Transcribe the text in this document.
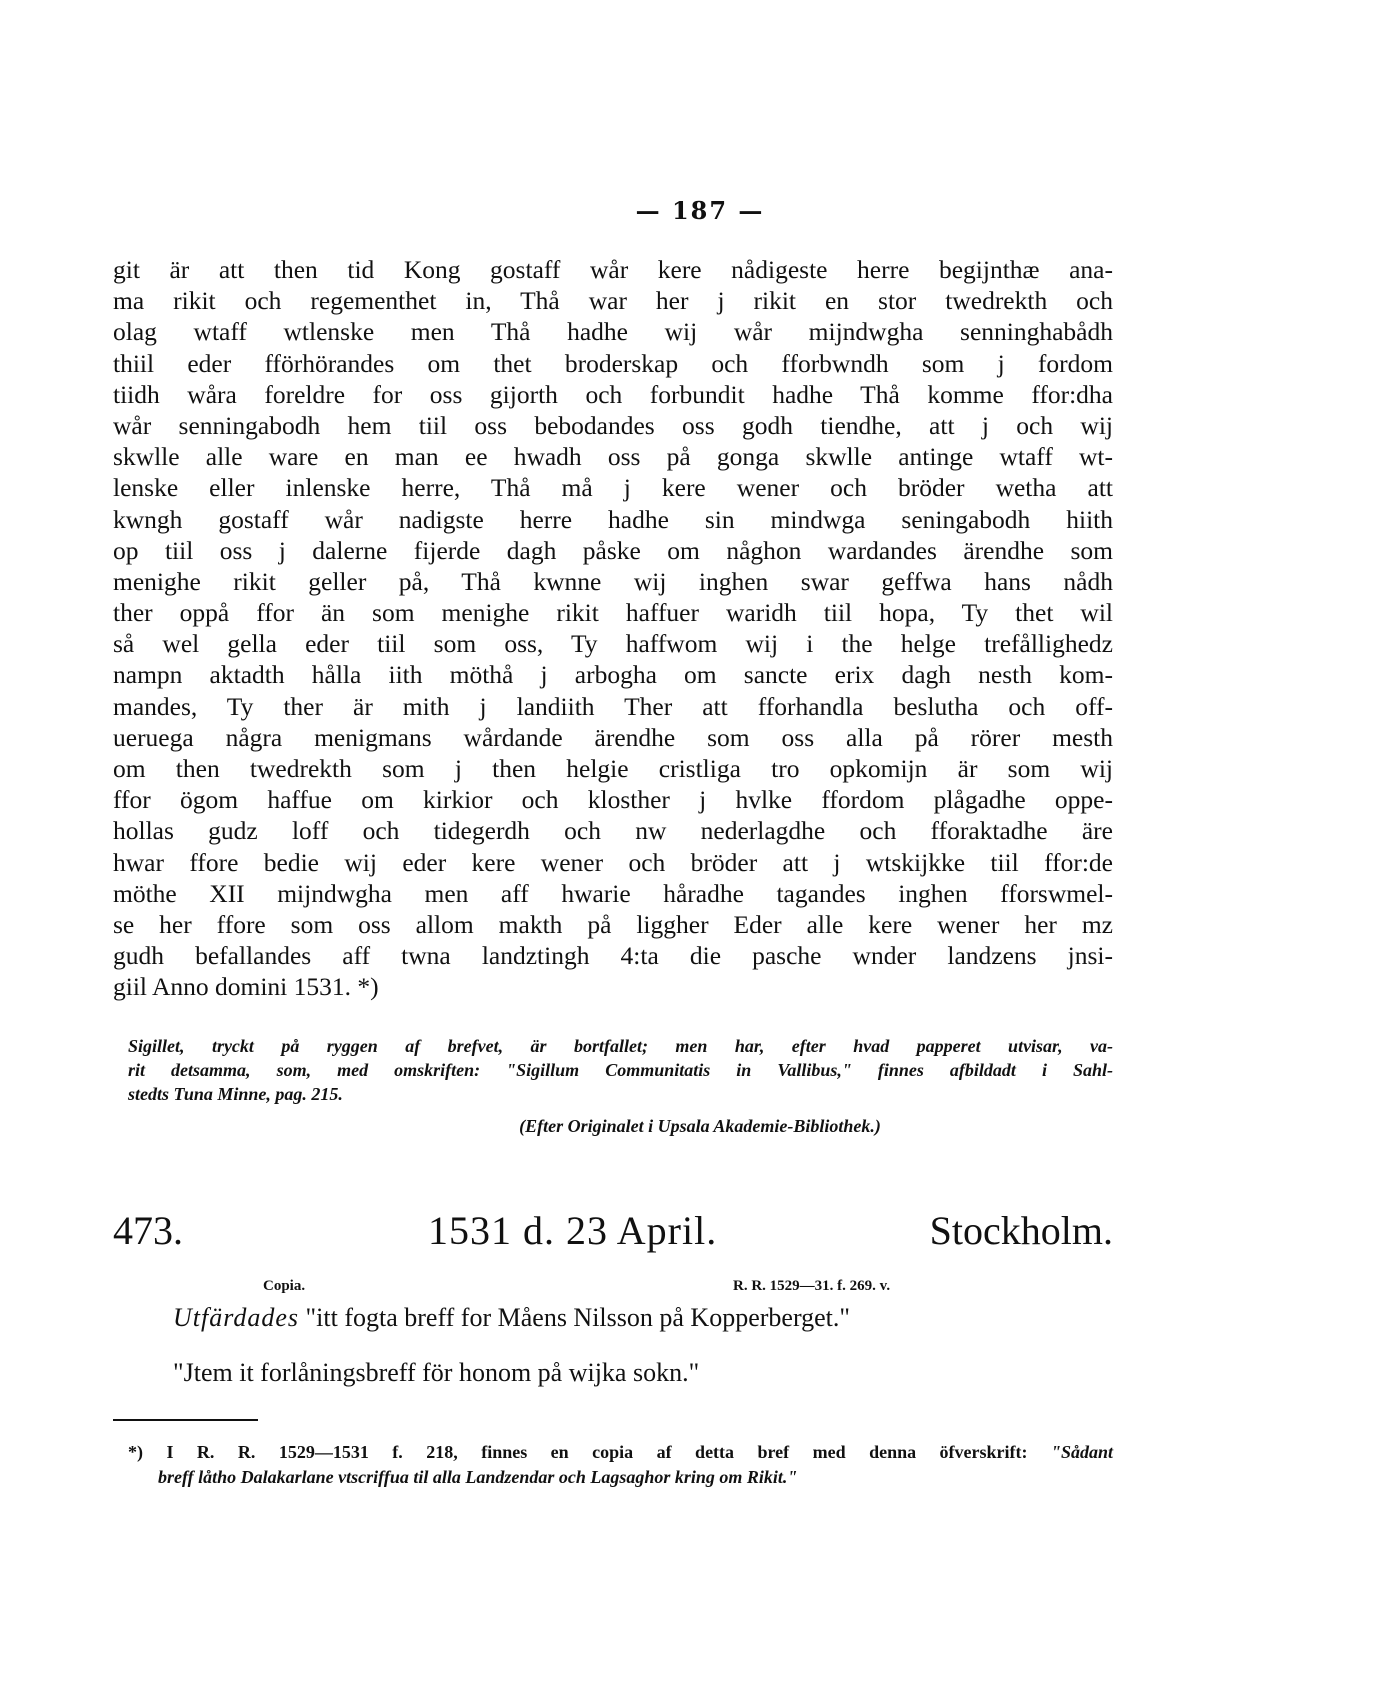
— 187 —
git är att then tid Kong gostaff wår kere nådigeste herre begijnthæ ana-
ma rikit och regementhet in, Thå war her j rikit en stor twedrekth och
olag wtaff wtlenske men Thå hadhe wij wår mijndwgha senninghabådh
thiil eder fförhörandes om thet broderskap och fforbwndh som j fordom
tiidh wåra foreldre for oss gijorth och forbundit hadhe Thå komme ffor:dha
wår senningabodh hem tiil oss bebodandes oss godh tiendhe, att j och wij
skwlle alle ware en man ee hwadh oss på gonga skwlle antinge wtaff wt-
lenske eller inlenske herre, Thå må j kere wener och bröder wetha att
kwngh gostaff wår nadigste herre hadhe sin mindwga seningabodh hiith
op tiil oss j dalerne fijerde dagh påske om någhon wardandes ärendhe som
menighe rikit geller på, Thå kwnne wij inghen swar geffwa hans nådh
ther oppå ffor än som menighe rikit haffuer waridh tiil hopa, Ty thet wil
så wel gella eder tiil som oss, Ty haffwom wij i the helge trefållighedz
nampn aktadth hålla iith möthå j arbogha om sancte erix dagh nesth kom-
mandes, Ty ther är mith j landiith Ther att fforhandla beslutha och off-
ueruega några menigmans wårdande ärendhe som oss alla på rörer mesth
om then twedrekth som j then helgie cristliga tro opkomijn är som wij
ffor ögom haffue om kirkior och klosther j hvlke ffordom plågadhe oppe-
hollas gudz loff och tidegerdh och nw nederlagdhe och fforaktadhe äre
hwar ffore bedie wij eder kere wener och bröder att j wtskijkke tiil ffor:de
möthe XII mijndwgha men aff hwarie håradhe tagandes inghen fforswmel-
se her ffore som oss allom makth på liggher Eder alle kere wener her mz
gudh befallandes aff twna landztingh 4:ta die pasche wnder landzens jnsi-
giil Anno domini 1531. *)
Sigillet, tryckt på ryggen af brefvet, är bortfallet; men har, efter hvad papperet utvisar, va-
rit detsamma, som, med omskriften: "Sigillum Communitatis in Vallibus," finnes afbildadt i Sahl-
stedts Tuna Minne, pag. 215.
(Efter Originalet i Upsala Akademie-Bibliothek.)
473.	1531 d. 23 April.	Stockholm.
Copia.	R. R. 1529—31. f. 269. v.
Utfärdades "itt fogta breff for Måens Nilsson på Kopperberget."
"Jtem it forlåningsbreff för honom på wijka sokn."
*) I R. R. 1529—1531 f. 218, finnes en copia af detta bref med denna öfverskrift: "Sådant
breff låtho Dalakarlane vtscriffua til alla Landzendar och Lagsaghor kring om Rikit."
